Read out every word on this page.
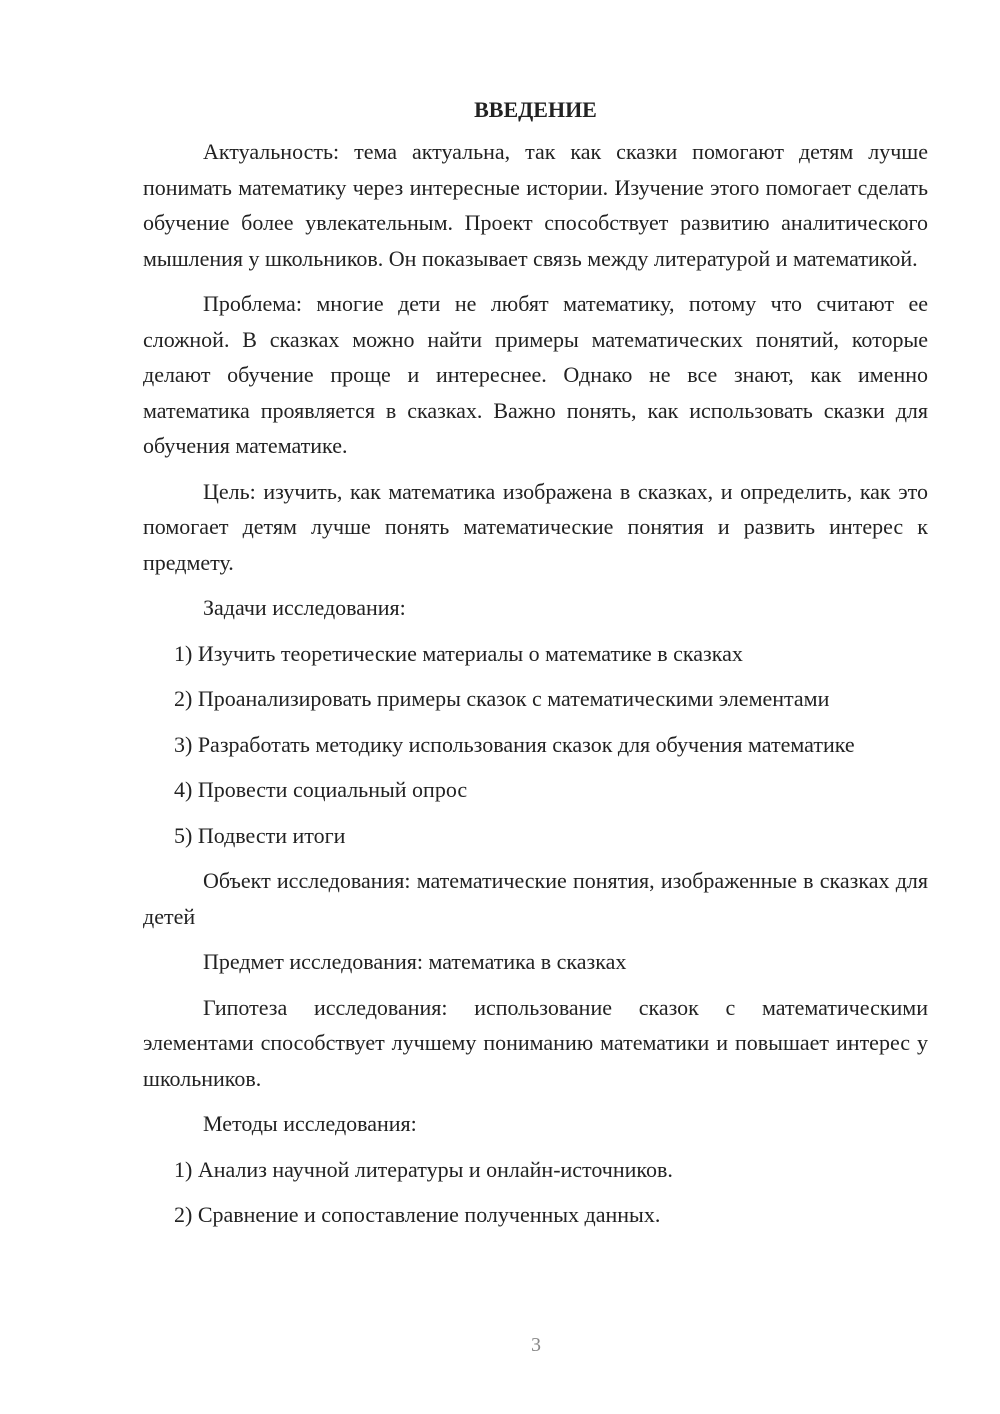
ВВЕДЕНИЕ

Актуальность: тема актуальна, так как сказки помогают детям лучше понимать математику через интересные истории. Изучение этого помогает сделать обучение более увлекательным. Проект способствует развитию аналитического мышления у школьников. Он показывает связь между литературой и математикой.

Проблема: многие дети не любят математику, потому что считают ее сложной. В сказках можно найти примеры математических понятий, которые делают обучение проще и интереснее. Однако не все знают, как именно математика проявляется в сказках. Важно понять, как использовать сказки для обучения математике.

Цель: изучить, как математика изображена в сказках, и определить, как это помогает детям лучше понять математические понятия и развить интерес к предмету.

Задачи исследования:

1) Изучить теоретические материалы о математике в сказках

2) Проанализировать примеры сказок с математическими элементами

3) Разработать методику использования сказок для обучения математике

4) Провести социальный опрос

5) Подвести итоги

Объект исследования: математические понятия, изображенные в сказках для детей

Предмет исследования: математика в сказках

Гипотеза исследования: использование сказок с математическими элементами способствует лучшему пониманию математики и повышает интерес у школьников.

Методы исследования:

1) Анализ научной литературы и онлайн-источников.

2) Сравнение и сопоставление полученных данных.

3
